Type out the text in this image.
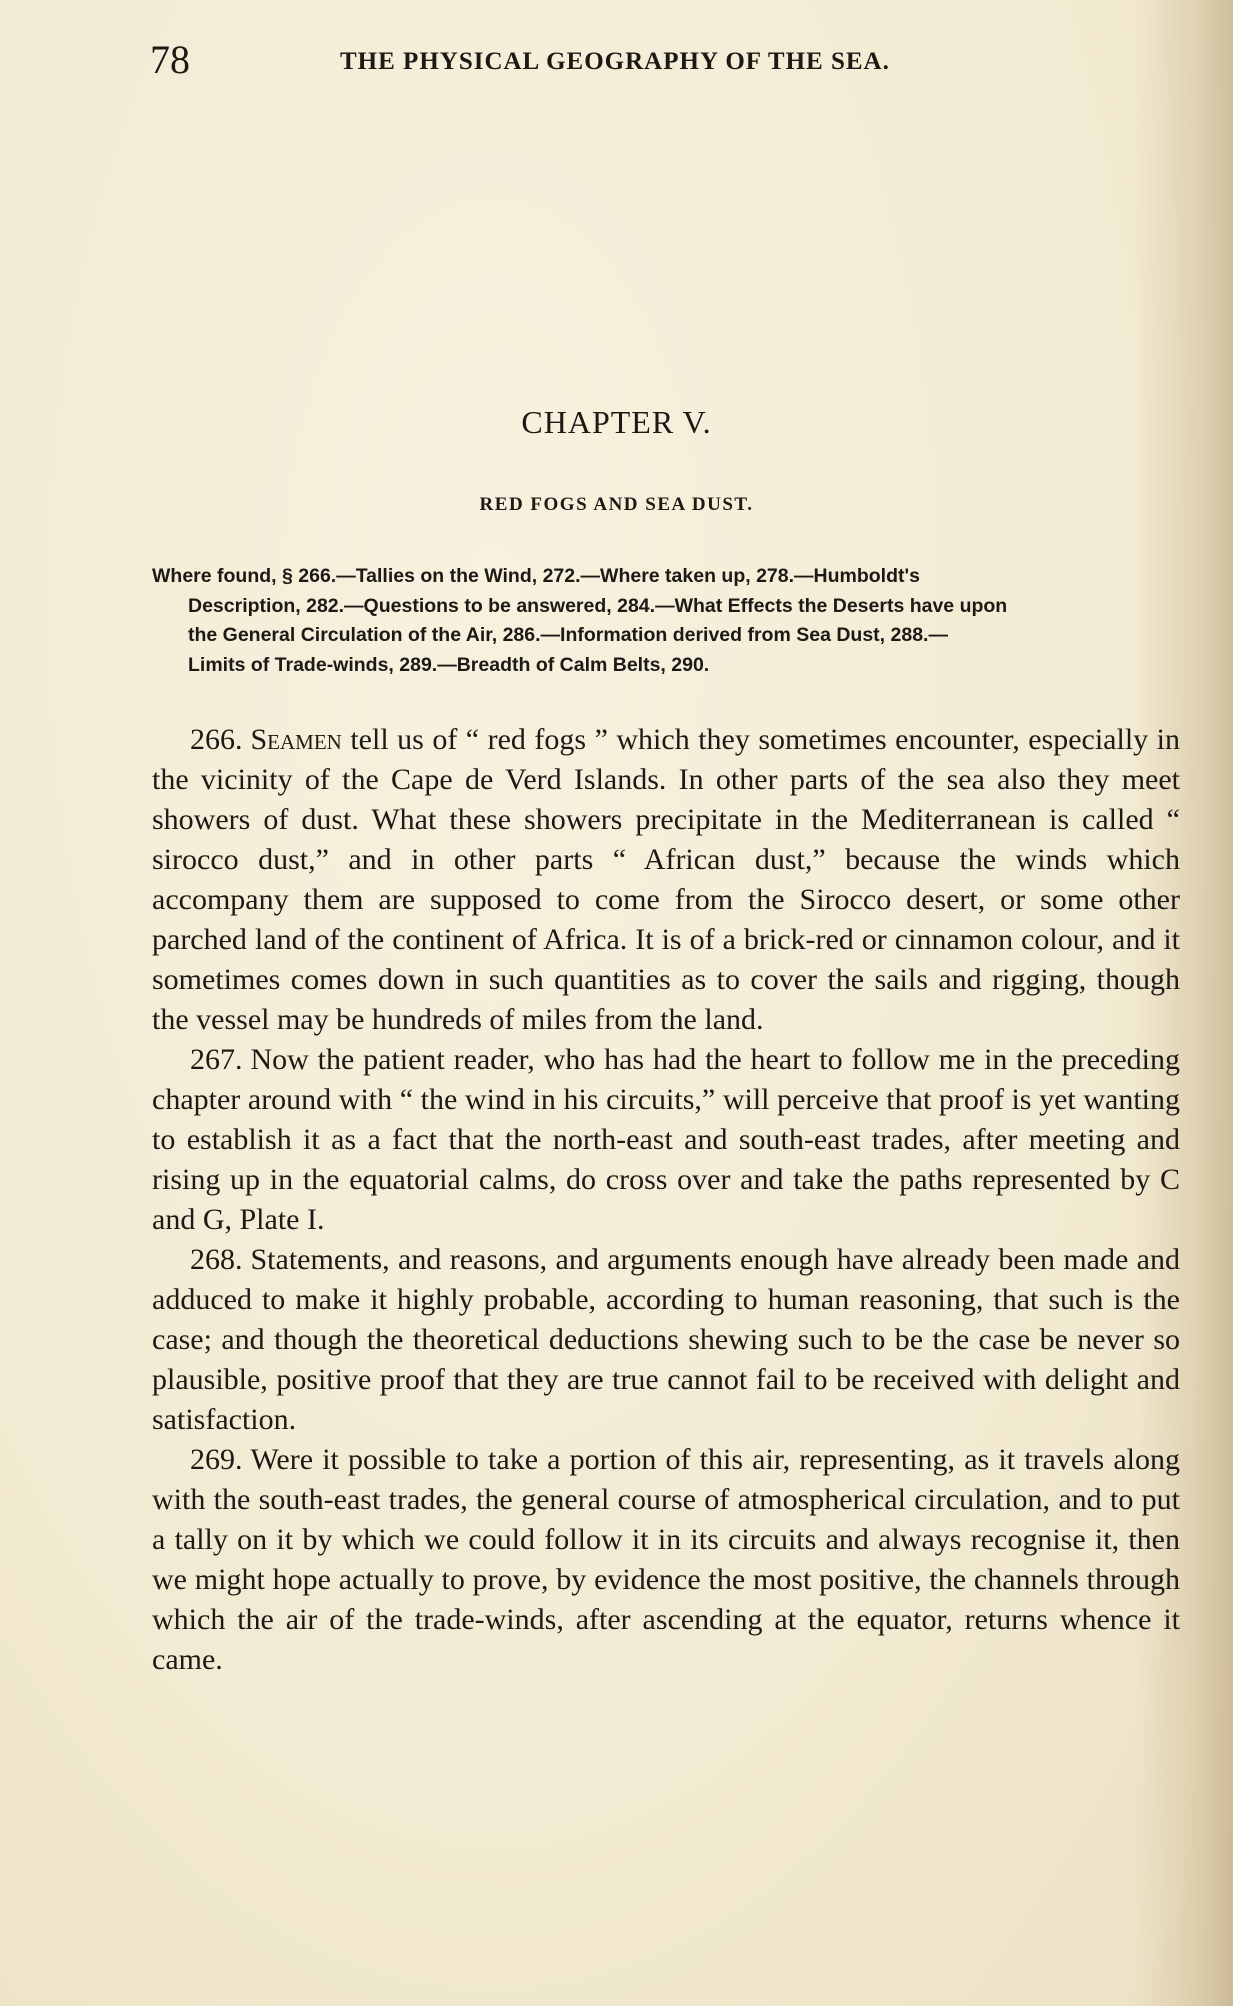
78	THE PHYSICAL GEOGRAPHY OF THE SEA.
CHAPTER V.
RED FOGS AND SEA DUST.
Where found, § 266.—Tallies on the Wind, 272.—Where taken up, 278.—Humboldt's
Description, 282.—Questions to be answered, 284.—What Effects the Deserts have upon
the General Circulation of the Air, 286.—Information derived from Sea Dust, 288.—
Limits of Trade-winds, 289.—Breadth of Calm Belts, 290.

266. Seamen tell us of “ red fogs ” which they sometimes encounter, especially in the vicinity of the Cape de Verd Islands. In other parts of the sea also they meet showers of dust. What these showers precipitate in the Mediterranean is called “ sirocco dust,” and in other parts “ African dust,” because the winds which accompany them are supposed to come from the Sirocco desert, or some other parched land of the continent of Africa. It is of a brick-red or cinnamon colour, and it sometimes comes down in such quantities as to cover the sails and rigging, though the vessel may be hundreds of miles from the land.

267. Now the patient reader, who has had the heart to follow me in the preceding chapter around with “ the wind in his circuits,” will perceive that proof is yet wanting to establish it as a fact that the north-east and south-east trades, after meeting and rising up in the equatorial calms, do cross over and take the paths represented by C and G, Plate I.

268. Statements, and reasons, and arguments enough have already been made and adduced to make it highly probable, according to human reasoning, that such is the case; and though the theoretical deductions shewing such to be the case be never so plausible, positive proof that they are true cannot fail to be received with delight and satisfaction.

269. Were it possible to take a portion of this air, representing, as it travels along with the south-east trades, the general course of atmospherical circulation, and to put a tally on it by which we could follow it in its circuits and always recognise it, then we might hope actually to prove, by evidence the most positive, the channels through which the air of the trade-winds, after ascending at the equator, returns whence it came.
